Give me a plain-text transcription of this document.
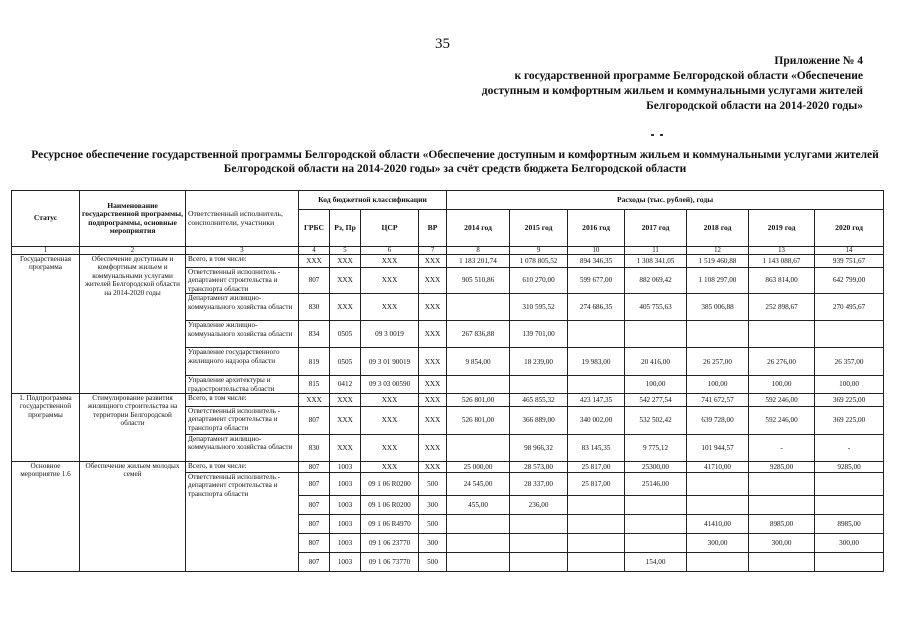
35
Приложение № 4
к государственной программе Белгородской области «Обеспечение
доступным и комфортным жильем и коммунальными услугами жителей
Белгородской области на 2014-2020 годы»
Ресурсное обеспечение государственной программы Белгородской области «Обеспечение доступным и комфортным жильем и коммунальными услугами жителей
Белгородской области на 2014-2020 годы» за счёт средств бюджета Белгородской области
Статус	Наименование государственной программы, подпрограммы, основные мероприятия	Ответственный исполнитель, соисполнители, участники	Код бюджетной классификации				Расходы (тыс. рублей), годы						
			ГРБС	Рз, Пр	ЦСР	ВР	2014 год	2015 год	2016 год	2017 год	2018 год	2019 год	2020 год
1	2	3	4	5	6	7	8	9	10	11	12	13	14
Государственная программа	Обеспечение доступным и комфортным жильем и коммунальными услугами жителей Белгородской области на 2014-2020 годы	Всего, в том числе:	XXX	XXX	XXX	XXX	1 183 201,74	1 078 805,52	894 346,35	1 308 341,05	1 519 460,88	1 143 088,67	939 751,67
		Ответственный исполнитель - департамент строительства и транспорта области	807	XXX	XXX	XXX	905 510,86	610 270,00	599 677,00	882 069,42	1 108 297,00	863 814,00	642 799,00
		Департамент жилищно-коммунального хозяйства области	830	XXX	XXX	XXX		310 595,52	274 686,35	405 755,63	385 006,88	252 898,67	270 495,67
		Управление жилищно-коммунального хозяйства области	834	0505	09 3 0019	XXX	267 836,88	139 701,00					
		Управление государственного жилищного надзора области	819	0505	09 3 01 90019	XXX	9 854,00	18 239,00	19 983,00	20 416,00	26 257,00	26 276,00	26 357,00
		Управление архитектуры и градостроительства области	815	0412	09 3 03 00590	XXX				100,00	100,00	100,00	100,00
1. Подпрограмма государственной программы	Стимулирование развития жилищного строительства на территории Белгородской области	Всего, в том числе:	XXX	XXX	XXX	XXX	526 801,00	465 855,32	423 147,35	542 277,54	741 672,57	592 246,00	369 225,00
		Ответственный исполнитель - департамент строительства и транспорта области	807	XXX	XXX	XXX	526 801,00	366 889,00	340 002,00	532 502,42	639 728,00	592 246,00	369 225,00
		Департамент жилищно-коммунального хозяйства области	830	XXX	XXX	XXX		98 966,32	83 145,35	9 775,12	101 944,57	-	-
Основное мероприятие 1.6	Обеспечение жильем молодых семей	Всего, в том числе:	807	1003	XXX	XXX	25 000,00	28 573,00	25 817,00	25300,00	41710,00	9285,00	9285,00
		Ответственный исполнитель - департамент строительства и транспорта области	807	1003	09 1 06 R0200	500	24 545,00	28 337,00	25 817,00	25146,00			
			807	1003	09 1 06 R0200	300	455,00	236,00					
			807	1003	09 1 06 R4970	500					41410,00	8985,00	8985,00
			807	1003	09 1 06 23770	300					300,00	300,00	300,00
			807	1003	09 1 06 73770	500				154,00			
